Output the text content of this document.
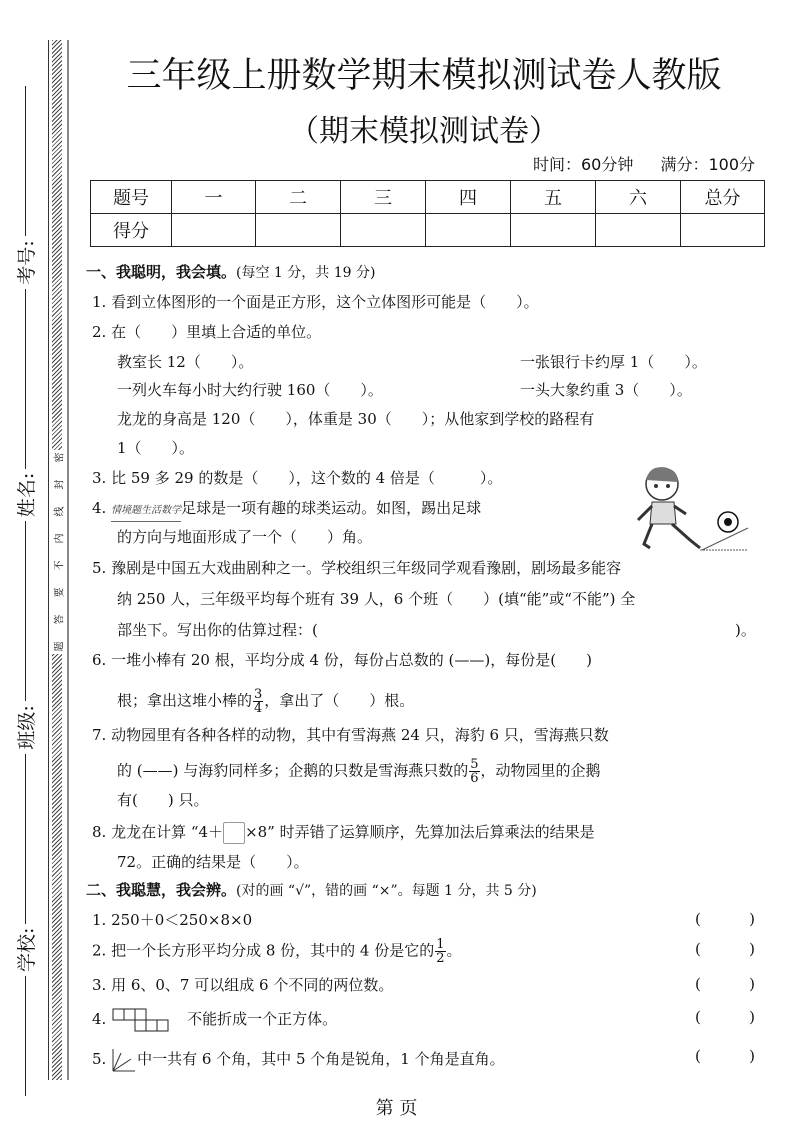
密
封
线
内
不
要
答
题
学校:
班级:
姓名:
考号:
三年级上册数学期末模拟测试卷人教版
（期末模拟测试卷）
时间：60分钟 满分：100分
题号	一	二	三	四	五	六	总分
得分							
一、我聪明，我会填。(每空 1 分，共 19 分)
1. 看到立体图形的一个面是正方形，这个立体图形可能是（　　）。
2. 在（　　）里填上合适的单位。
教室长 12（　　）。	一张银行卡约厚 1（　　）。
一列火车每小时大约行驶 160（　　）。	一头大象约重 3（　　）。
龙龙的身高是 120（　　），体重是 30（　　）；从他家到学校的路程有
1（　　）。
3. 比 59 多 29 的数是（　　），这个数的 4 倍是（　　　）。
4. 情境题生活数学足球是一项有趣的球类运动。如图，踢出足球
的方向与地面形成了一个（　　）角。
5. 豫剧是中国五大戏曲剧种之一。学校组织三年级同学观看豫剧，剧场最多能容
纳 250 人，三年级平均每个班有 39 人，6 个班（　　）(填“能”或“不能”) 全
部坐下。写出你的估算过程：(	)。
6. 一堆小棒有 20 根，平均分成 4 份，每份占总数的 (——)，每份是(　　)
根；拿出这堆小棒的 $\frac{3}{4}$ ，拿出了（　　）根。
7. 动物园里有各种各样的动物，其中有雪海燕 24 只，海豹 6 只，雪海燕只数
的 (——) 与海豹同样多；企鹅的只数是雪海燕只数的 $\frac{5}{6}$ ，动物园里的企鹅
有(　　) 只。
8. 龙龙在计算 “4＋ ×8” 时弄错了运算顺序，先算加法后算乘法的结果是
72。正确的结果是（　　）。
二、我聪慧，我会辨。(对的画 “√”，错的画 “×”。每题 1 分，共 5 分)
1. 250＋0＜250×8×0
2. 把一个长方形平均分成 8 份，其中的 4 份是它的 $\frac{1}{2}$ 。
3. 用 6、0、7 可以组成 6 个不同的两位数。
4.	不能折成一个正方体。
5. 中一共有 6 个角，其中 5 个角是锐角，1 个角是直角。
(	)
(	)
(	)
(	)
(	)
第 页
